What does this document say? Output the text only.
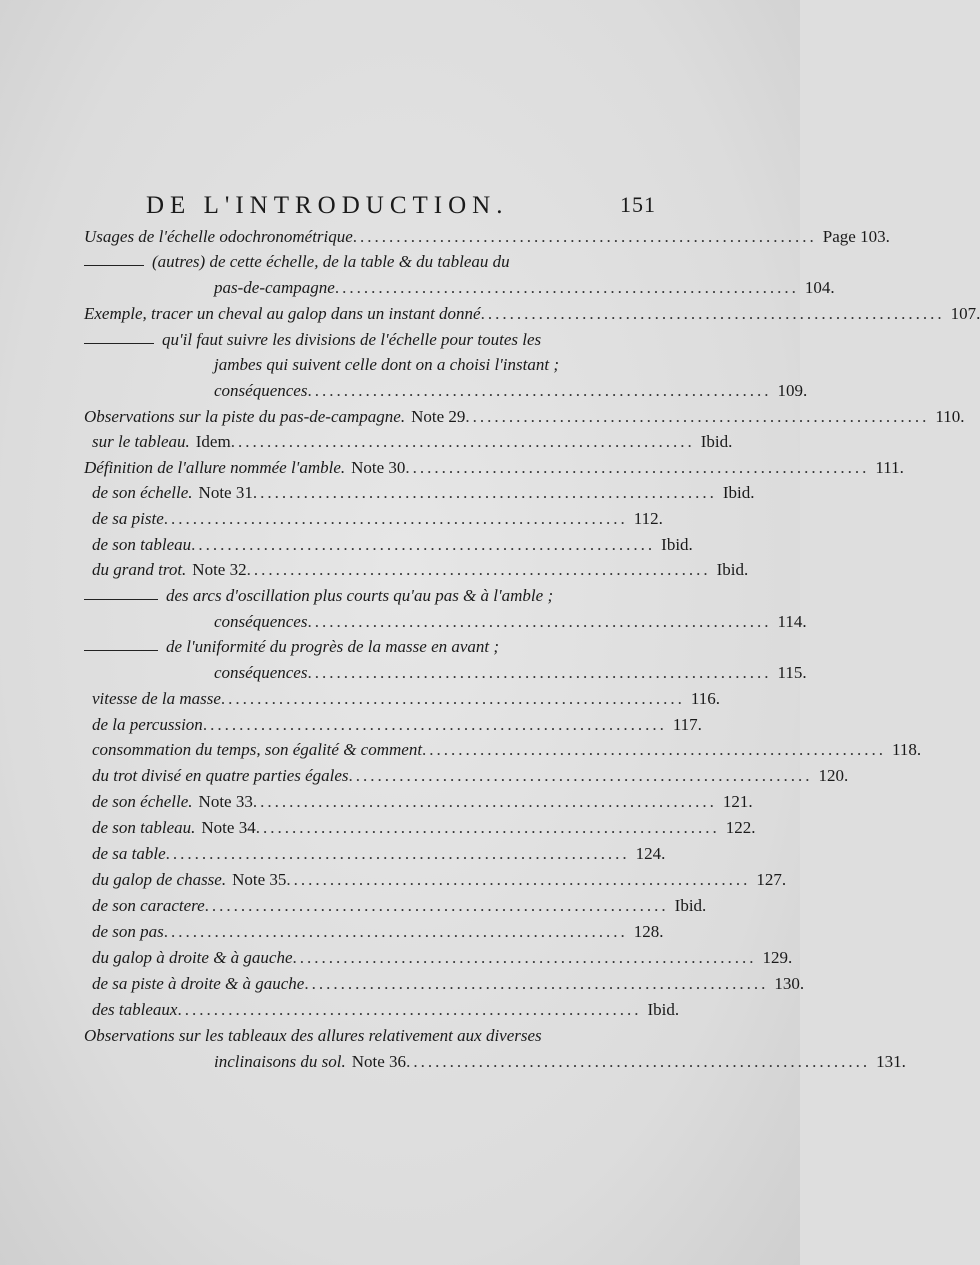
DE L'INTRODUCTION.	151
Usages de l'échelle odochronométrique ................................................................ Page 103.
(autres) de cette échelle, de la table & du tableau du
pas-de-campagne ................................................................ 104.
Exemple, tracer un cheval au galop dans un instant donné ................................................................ 107.
qu'il faut suivre les divisions de l'échelle pour toutes les
jambes qui suivent celle dont on a choisi l'instant ;
conséquences ................................................................ 109.
Observations sur la piste du pas-de-campagne. Note 29 ................................................................ 110.
sur le tableau. Idem ................................................................ Ibid.
Définition de l'allure nommée l'amble. Note 30 ................................................................ 111.
de son échelle. Note 31 ................................................................ Ibid.
de sa piste ................................................................ 112.
de son tableau ................................................................ Ibid.
du grand trot. Note 32 ................................................................ Ibid.
des arcs d'oscillation plus courts qu'au pas & à l'amble ;
conséquences ................................................................ 114.
de l'uniformité du progrès de la masse en avant ;
conséquences ................................................................ 115.
vitesse de la masse ................................................................ 116.
de la percussion ................................................................ 117.
consommation du temps, son égalité & comment ................................................................ 118.
du trot divisé en quatre parties égales ................................................................ 120.
de son échelle. Note 33 ................................................................ 121.
de son tableau. Note 34 ................................................................ 122.
de sa table ................................................................ 124.
du galop de chasse. Note 35 ................................................................ 127.
de son caractere ................................................................ Ibid.
de son pas ................................................................ 128.
du galop à droite & à gauche ................................................................ 129.
de sa piste à droite & à gauche ................................................................ 130.
des tableaux ................................................................ Ibid.
Observations sur les tableaux des allures relativement aux diverses
inclinaisons du sol. Note 36 ................................................................ 131.
